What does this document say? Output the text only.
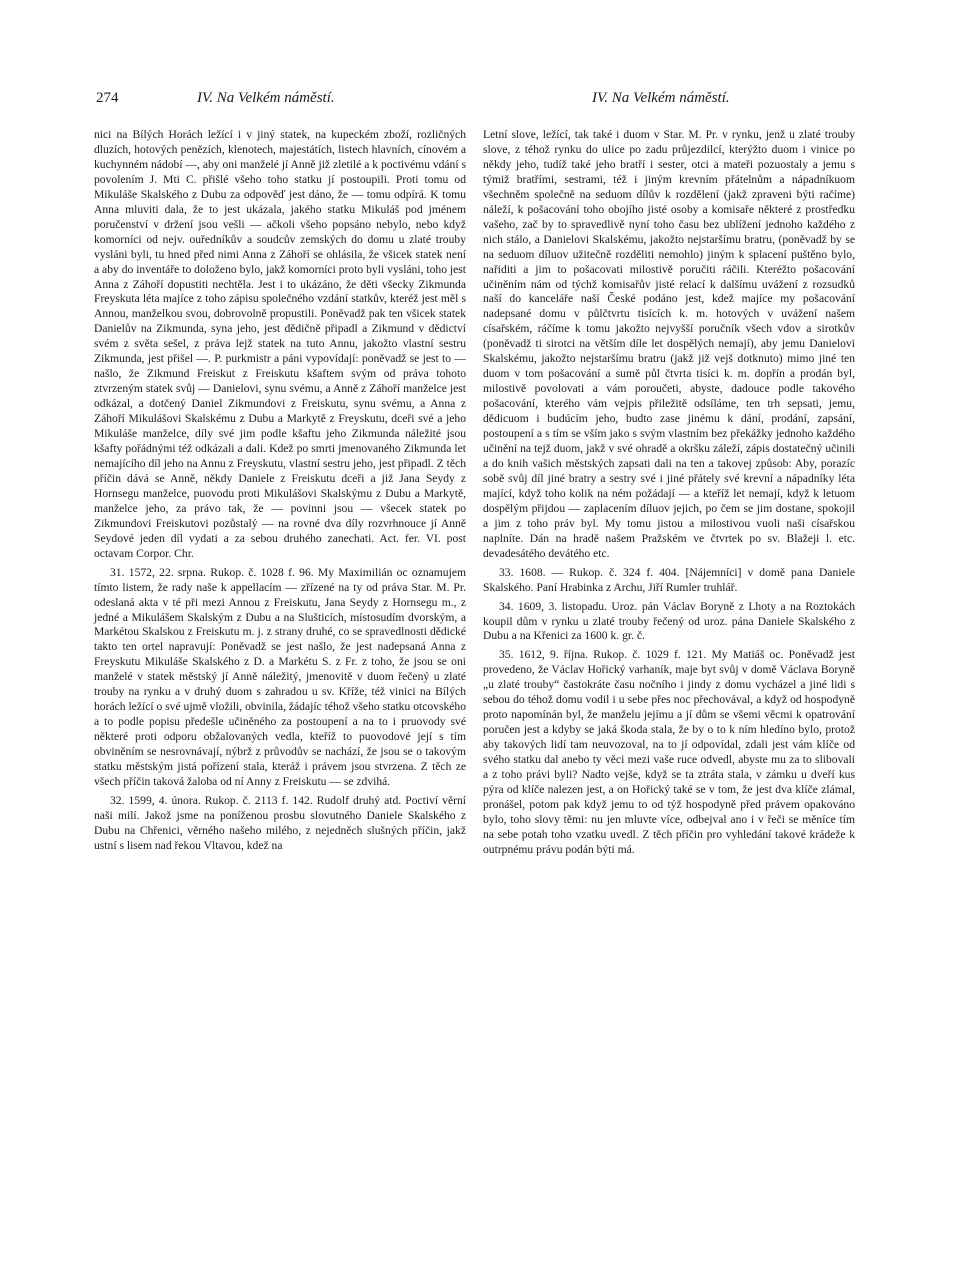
274	IV. Na Velkém náměstí.	IV. Na Velkém náměstí.

nici na Bílých Horách ležící i v jiný statek, na kupeckém zboží, rozličných dluzích, hotových penězích, klenotech, majestátích, listech hlavních, cínovém a kuchynném nádobí —, aby oni manželé jí Anně již zletilé a k poctivému vdání s povolením J. Mti C. přišlé všeho toho statku jí postoupili. Proti tomu od Mikuláše Skalského z Dubu za odpověď jest dáno, že — tomu odpírá. K tomu Anna mluviti dala, že to jest ukázala, jakého statku Mikuláš pod jménem poručenství v držení jsou vešli — ačkoli všeho popsáno nebylo, nebo když komorníci od nejv. ouředníkův a soudcův zemských do domu u zlaté trouby vysláni byli, tu hned před nimi Anna z Záhoří se ohlásila, že všicek statek není a aby do inventáře to doloženo bylo, jakž komorníci proto byli vysláni, toho jest Anna z Záhoří dopustiti nechtěla. Jest i to ukázáno, že děti všecky Zikmunda Freyskuta léta majíce z toho zápisu společného vzdání statkův, kteréž jest měl s Annou, manželkou svou, dobrovolně propustili. Poněvadž pak ten všicek statek Danielův na Zikmunda, syna jeho, jest dědičně připadl a Zikmund v dědictví svém z světa sešel, z práva lejž statek na tuto Annu, jakožto vlastní sestru Zikmunda, jest přišel —. P. purkmistr a páni vypovídají: poněvadž se jest to — našlo, že Zikmund Freiskut z Freiskutu kšaftem svým od práva tohoto ztvrzeným statek svůj — Danielovi, synu svému, a Anně z Záhoří manželce jest odkázal, a dotčený Daniel Zikmundovi z Freiskutu, synu svému, a Anna z Záhoří Mikulášovi Skalskému z Dubu a Markytě z Freyskutu, dceři své a jeho Mikuláše manželce, díly své jim podle kšaftu jeho Zikmunda náležité jsou kšafty pořádnými též odkázali a dali. Kdež po smrti jmenovaného Zikmunda let nemajícího díl jeho na Annu z Freyskutu, vlastní sestru jeho, jest připadl. Z těch příčin dává se Anně, někdy Daniele z Freiskutu dceři a již Jana Seydy z Hornsegu manželce, puovodu proti Mikulášovi Skalskýmu z Dubu a Markytě, manželce jeho, za právo tak, že — povinni jsou — všecek statek po Zikmundovi Freiskutovi pozůstalý — na rovné dva díly rozvrhnouce jí Anně Seydové jeden díl vydati a za sebou druhého zanechati. Act. fer. VI. post octavam Corpor. Chr.

31. 1572, 22. srpna. Rukop. č. 1028 f. 96. My Maximilián oc oznamujem tímto listem, že rady naše k appellacím — zřízené na ty od práva Star. M. Pr. odeslaná akta v té při mezi Annou z Freiskutu, Jana Seydy z Hornsegu m., z jedné a Mikulášem Skalským z Dubu a na Slušticích, místosudím dvorským, a Markétou Skalskou z Freiskutu m. j. z strany druhé, co se spravedlnosti dědické takto ten ortel napravují: Poněvadž se jest našlo, že jest nadepsaná Anna z Freyskutu Mikuláše Skalského z D. a Markétu S. z Fr. z toho, že jsou se oni manželé v statek městský jí Anně náležitý, jmenovitě v duom řečený u zlaté trouby na rynku a v druhý duom s zahradou u sv. Kříže, též vinici na Bílých horách ležící o své ujmě vložili, obvinila, žádajíc téhož všeho statku otcovského a to podle popisu předešle učiněného za postoupení a na to i pruovody své některé proti odporu obžalovaných vedla, kteříž to puovodové její s tím obviněním se nesrovnávají, nýbrž z průvodův se nachází, že jsou se o takovým statku městským jistá pořízení stala, kteráž i právem jsou stvrzena. Z těch ze všech příčin taková žaloba od ní Anny z Freiskutu — se zdvihá.

32. 1599, 4. února. Rukop. č. 2113 f. 142. Rudolf druhý atd. Poctiví věrní naši milí. Jakož jsme na poníženou prosbu slovutného Daniele Skalského z Dubu na Chřenici, věrného našeho milého, z nejedněch slušných příčin, jakž ustní s lisem nad řekou Vltavou, kdež na

Letní slove, ležící, tak také i duom v Star. M. Pr. v rynku, jenž u zlaté trouby slove, z téhož rynku do ulice po zadu průjezdilcí, kterýžto duom i vinice po někdy jeho, tudíž také jeho bratří i sester, otci a mateři pozuostaly a jemu s týmiž bratřími, sestrami, též i jiným krevním přátelnům a nápadníkuom všechněm společně na seduom dílův k rozdělení (jakž zpraveni býti račíme) náleží, k pošacování toho obojího jisté osoby a komisaře některé z prostředku vašeho, zač by to spravedlivě nyní toho času bez ublížení jednoho každého z nich stálo, a Danielovi Skalskému, jakožto nejstaršímu bratru, (poněvadž by se na seduom díluov užitečně rozděliti nemohlo) jiným k splacení puštěno bylo, nařiditi a jim to pošacovati milostivě poručiti ráčili. Kteréžto pošacování učiněním nám od týchž komisařův jisté relací k dalšímu uvážení z rozsudků naší do kanceláře naší České podáno jest, kdež majíce my pošacování nadepsané domu v půlčtvrtu tisících k. m. hotových v uvážení našem císařském, ráčíme k tomu jakožto nejvyšší poručník všech vdov a sirotkův (poněvadž ti sirotci na větším díle let dospělých nemají), aby jemu Danielovi Skalskému, jakožto nejstaršímu bratru (jakž již vejš dotknuto) mimo jiné ten duom v tom pošacování a sumě půl čtvrta tisíci k. m. dopřín a prodán byl, milostivě povolovati a vám poroučeti, abyste, dadouce podle takového pošacování, kterého vám vejpis přiležitě odsíláme, ten trh sepsati, jemu, dědicuom i budúcím jeho, budto zase jinému k dání, prodání, zapsání, postoupení a s tím se vším jako s svým vlastním bez překážky jednoho každého učinění na tejž duom, jakž v své ohradě a okršku záleží, zápis dostatečný učinili a do knih vašich městských zapsati dali na ten a takovej způsob: Aby, porazíc sobě svůj díl jiné bratry a sestry své i jiné přátely své krevní a nápadníky léta mající, když toho kolik na ném požádají — a kteříž let nemají, když k letuom dospělým přijdou — zaplacením díluov jejich, po čem se jim dostane, spokojil a jim z toho práv byl. My tomu jistou a milostivou vuoli naši císařskou naplníte. Dán na hradě našem Pražském ve čtvrtek po sv. Blažeji l. etc. devadesátého devátého etc.

33. 1608. — Rukop. č. 324 f. 404. [Nájemníci] v domě pana Daniele Skalského. Paní Hrabinka z Archu, Jiří Rumler truhlář.

34. 1609, 3. listopadu. Uroz. pán Václav Boryně z Lhoty a na Roztokách koupil dům v rynku u zlaté trouby řečený od uroz. pána Daniele Skalského z Dubu a na Křenici za 1600 k. gr. č.

35. 1612, 9. října. Rukop. č. 1029 f. 121. My Matiáš oc. Poněvadž jest provedeno, že Václav Hořický varhaník, maje byt svůj v domě Václava Boryně „u zlaté trouby“ častokráte času nočního i jindy z domu vycházel a jiné lidi s sebou do téhož domu vodil i u sebe přes noc přechovával, a když od hospodyně proto napomínán byl, že manželu jejímu a jí dům se všemi věcmi k opatrování poručen jest a kdyby se jaká škoda stala, že by o to k ním hledíno bylo, protož aby takových lidí tam neuvozoval, na to jí odpovídal, zdali jest vám klíče od svého statku dal anebo ty věci mezi vaše ruce odvedl, abyste mu za to slibovali a z toho právi byli? Nadto vejše, když se ta ztráta stala, v zámku u dveří kus pýra od klíče nalezen jest, a on Hořický také se v tom, že jest dva klíče zlámal, pronášel, potom pak když jemu to od týž hospodyně před právem opakováno bylo, toho slovy těmi: nu jen mluvte více, odbejval ano i v řeči se měníce tím na sebe potah toho vzatku uvedl. Z těch příčin pro vyhledání takové krádeže k outrpnému právu podán býti má.
